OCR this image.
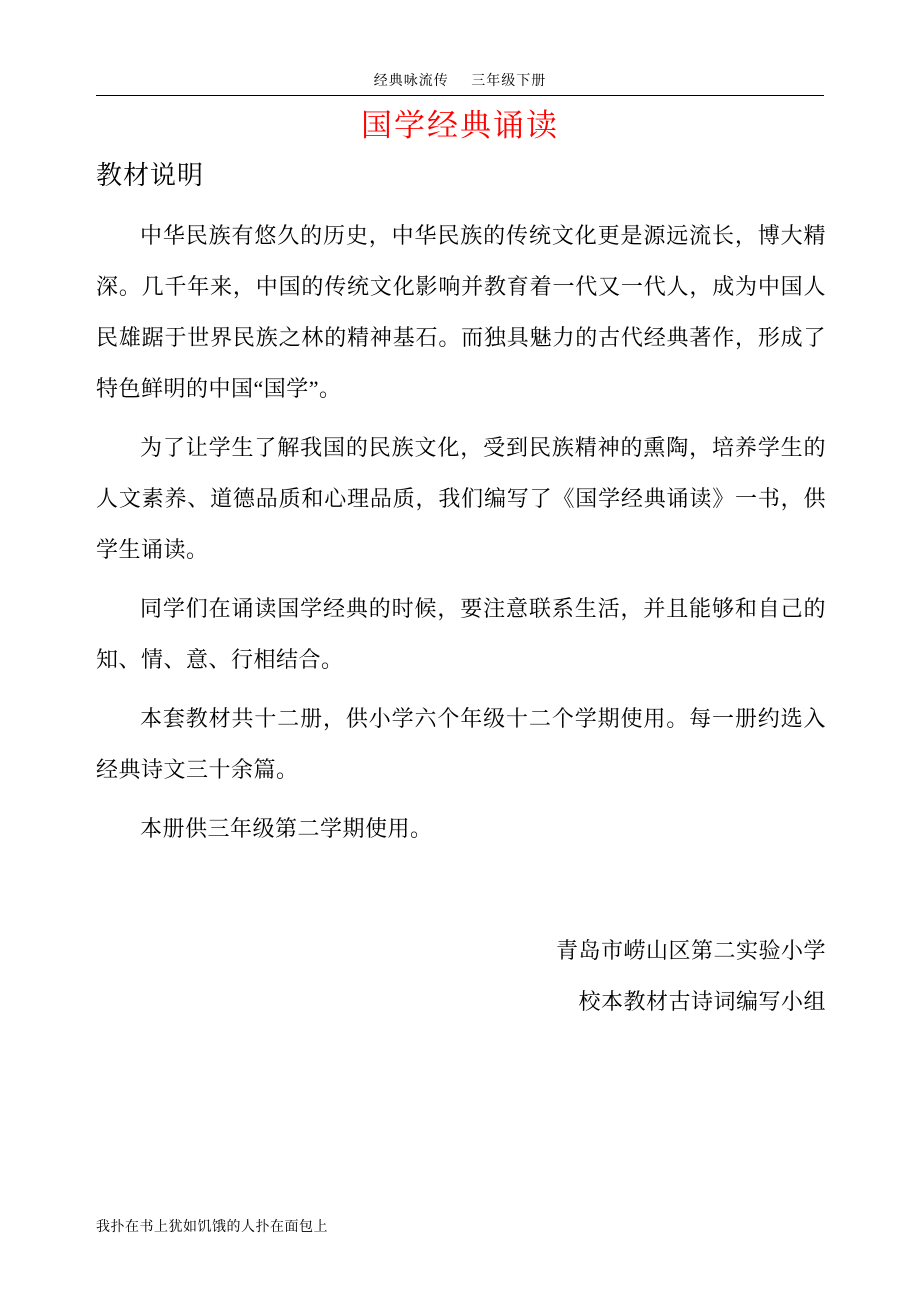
经典咏流传     三年级下册
国学经典诵读
教材说明

中华民族有悠久的历史，中华民族的传统文化更是源远流长，博大精深。几千年来，中国的传统文化影响并教育着一代又一代人，成为中国人民雄踞于世界民族之林的精神基石。而独具魅力的古代经典著作，形成了特色鲜明的中国“国学”。

为了让学生了解我国的民族文化，受到民族精神的熏陶，培养学生的人文素养、道德品质和心理品质，我们编写了《国学经典诵读》一书，供学生诵读。

同学们在诵读国学经典的时候，要注意联系生活，并且能够和自己的知、情、意、行相结合。

本套教材共十二册，供小学六个年级十二个学期使用。每一册约选入经典诗文三十余篇。

本册供三年级第二学期使用。

青岛市崂山区第二实验小学
校本教材古诗词编写小组
我扑在书上犹如饥饿的人扑在面包上
